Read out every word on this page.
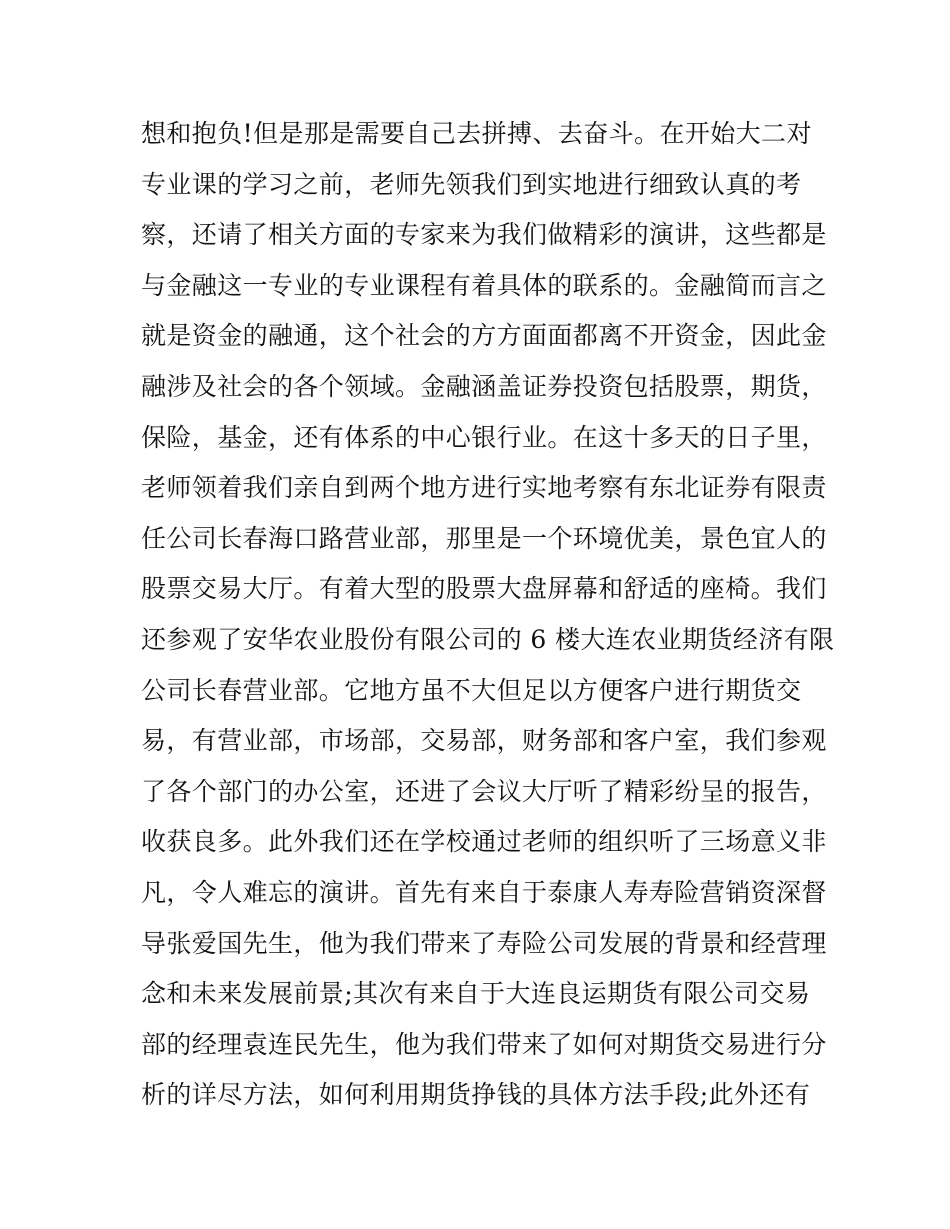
想和抱负!但是那是需要自己去拼搏、去奋斗。在开始大二对
专业课的学习之前，老师先领我们到实地进行细致认真的考
察，还请了相关方面的专家来为我们做精彩的演讲，这些都是
与金融这一专业的专业课程有着具体的联系的。金融简而言之
就是资金的融通，这个社会的方方面面都离不开资金，因此金
融涉及社会的各个领域。金融涵盖证券投资包括股票，期货，
保险，基金，还有体系的中心银行业。在这十多天的日子里，
老师领着我们亲自到两个地方进行实地考察有东北证券有限责
任公司长春海口路营业部，那里是一个环境优美，景色宜人的
股票交易大厅。有着大型的股票大盘屏幕和舒适的座椅。我们
还参观了安华农业股份有限公司的 6 楼大连农业期货经济有限
公司长春营业部。它地方虽不大但足以方便客户进行期货交
易，有营业部，市场部，交易部，财务部和客户室，我们参观
了各个部门的办公室，还进了会议大厅听了精彩纷呈的报告，
收获良多。此外我们还在学校通过老师的组织听了三场意义非
凡，令人难忘的演讲。首先有来自于泰康人寿寿险营销资深督
导张爱国先生，他为我们带来了寿险公司发展的背景和经营理
念和未来发展前景;其次有来自于大连良运期货有限公司交易
部的经理袁连民先生，他为我们带来了如何对期货交易进行分
析的详尽方法，如何利用期货挣钱的具体方法手段;此外还有
